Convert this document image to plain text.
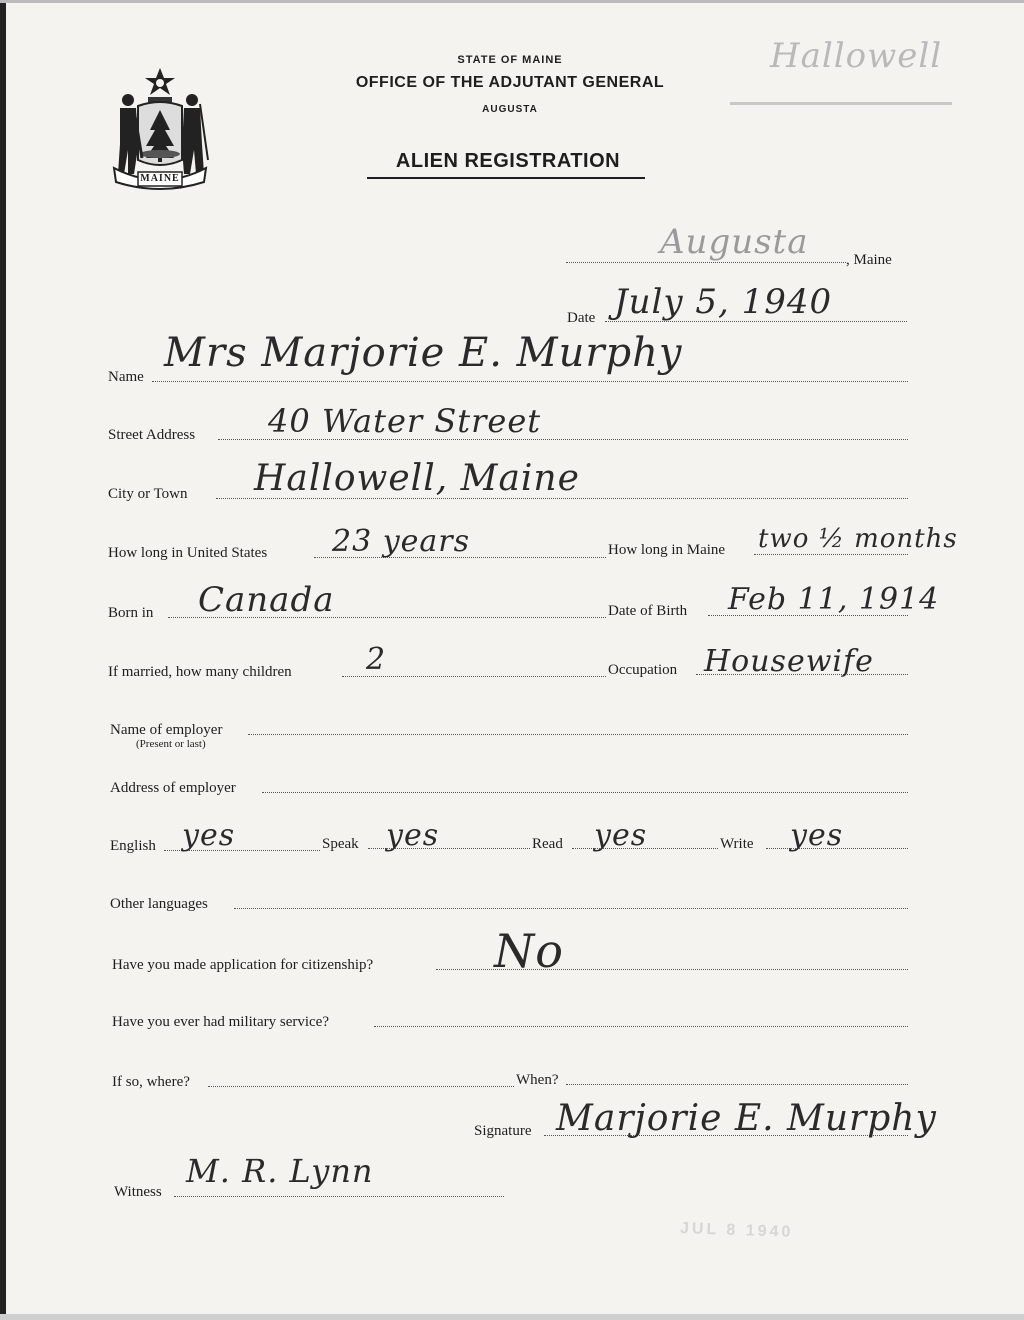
MAINE
STATE OF MAINE
OFFICE OF THE ADJUTANT GENERAL
AUGUSTA
ALIEN REGISTRATION
Hallowell
Augusta	, Maine
Date July 5, 1940
Name
Mrs Marjorie E. Murphy
Street Address 40 Water Street
City or Town Hallowell, Maine
How long in United States 23 years	How long in Maine two ½ months
Born in Canada	Date of Birth Feb 11, 1914
If married, how many children 2	Occupation Housewife
Name of employer
(Present or last)
Address of employer
English yes	Speak yes	Read yes	Write yes
Other languages
Have you made application for citizenship?	No
Have you ever had military service?
If so, where?	When?
Signature Marjorie E. Murphy
Witness
M. R. Lynn
JUL 8 1940
